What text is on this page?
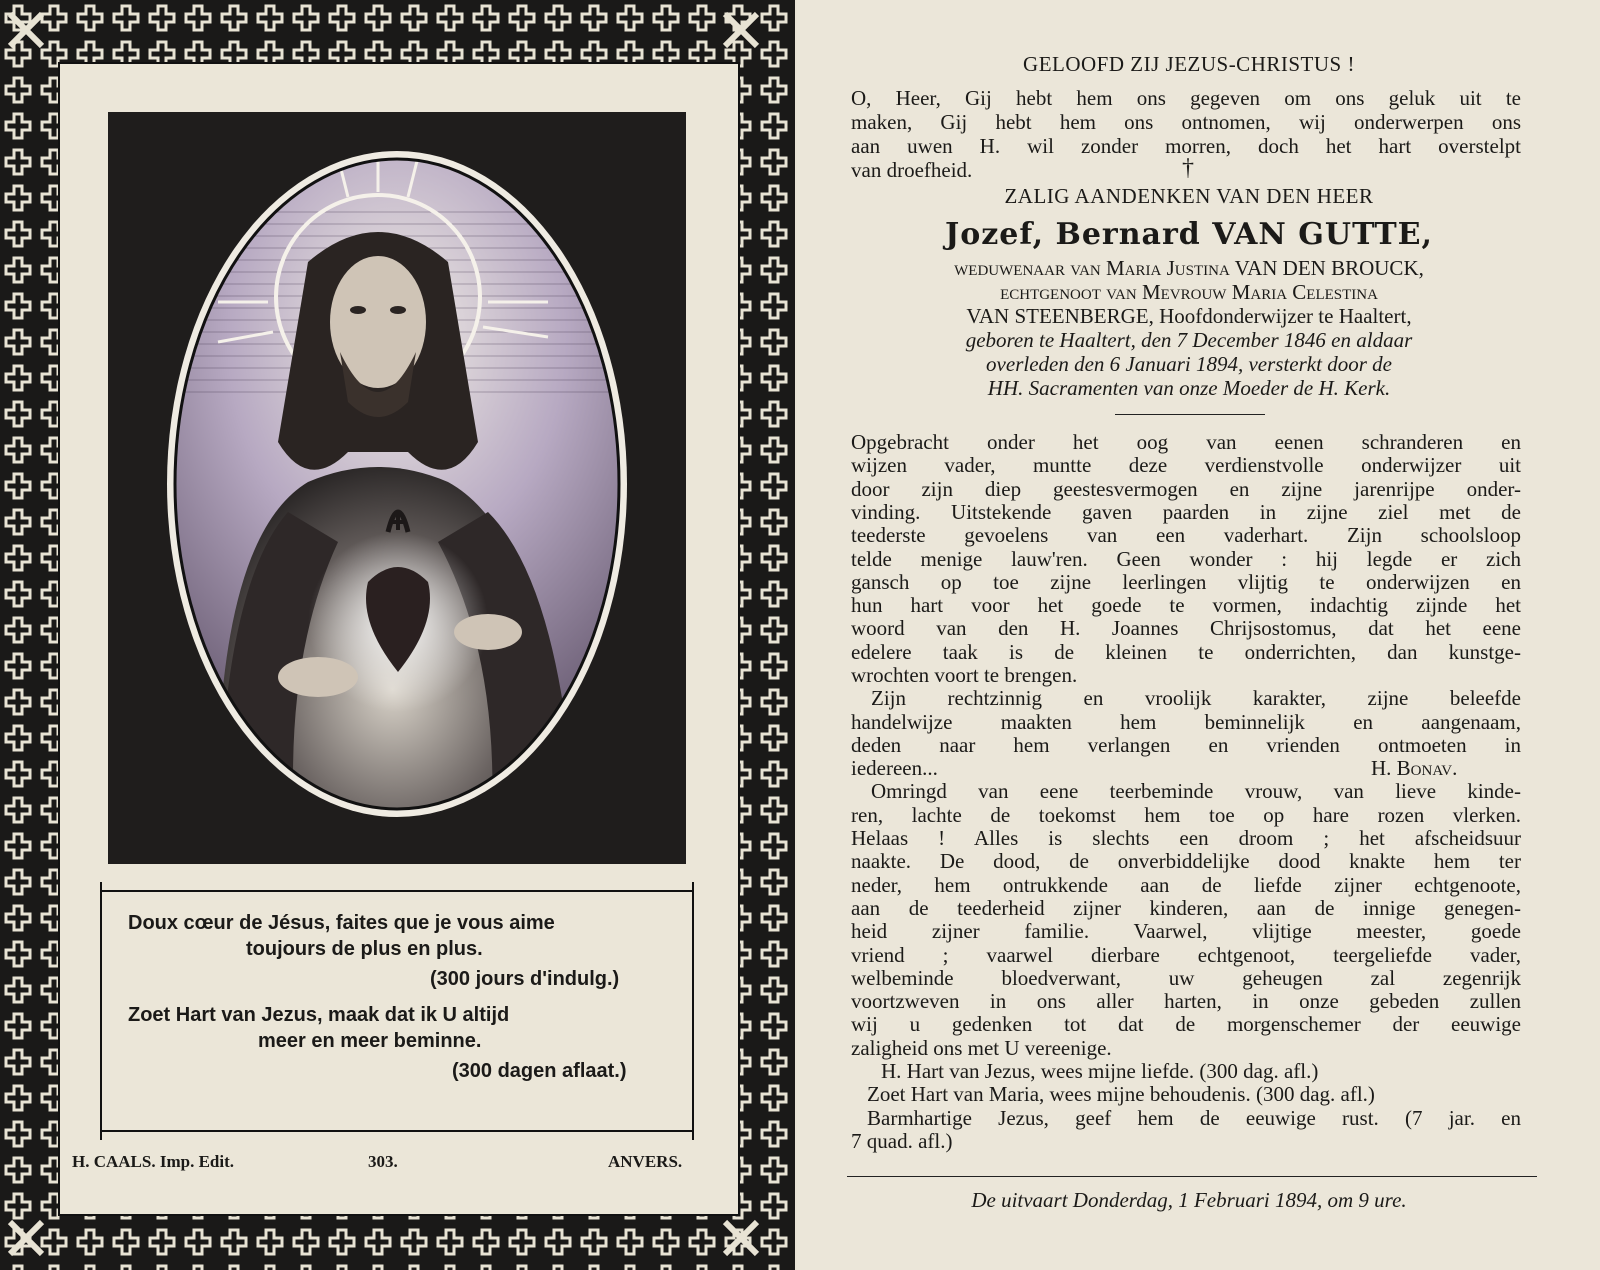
Doux cœur de Jésus, faites que je vous aime
toujours de plus en plus.
(300 jours d'indulg.)
Zoet Hart van Jezus, maak dat ik U altijd
meer en meer beminne.
(300 dagen aflaat.)
H. CAALS. Imp. Edit.	303.	ANVERS.
GELOOFD ZIJ JEZUS-CHRISTUS !
O, Heer, Gij hebt hem ons gegeven om ons geluk uit te
maken, Gij hebt hem ons ontnomen, wij onderwerpen ons
aan uwen H. wil zonder morren, doch het hart overstelpt
van droefheid.	†
ZALIG AANDENKEN VAN DEN HEER
Jozef, Bernard VAN GUTTE,
weduwenaar van Maria Justina VAN DEN BROUCK,
echtgenoot van Mevrouw Maria Celestina
VAN STEENBERGE, Hoofdonderwijzer te Haaltert,
geboren te Haaltert, den 7 December 1846 en aldaar
overleden den 6 Januari 1894, versterkt door de
HH. Sacramenten van onze Moeder de H. Kerk.
De uitvaart Donderdag, 1 Februari 1894, om 9 ure.
Opgebracht onder het oog van eenen schranderen en
wijzen vader, muntte deze verdienstvolle onderwijzer uit
door zijn diep geestesvermogen en zijne jarenrijpe onder-
vinding. Uitstekende gaven paarden in zijne ziel met de
teederste gevoelens van een vaderhart. Zijn schoolsloop
telde menige lauw'ren. Geen wonder : hij legde er zich
gansch op toe zijne leerlingen vlijtig te onderwijzen en
hun hart voor het goede te vormen, indachtig zijnde het
woord van den H. Joannes Chrijsostomus, dat het eene
edelere taak is de kleinen te onderrichten, dan kunstge-
wrochten voort te brengen.
Zijn rechtzinnig en vroolijk karakter, zijne beleefde
handelwijze maakten hem beminnelijk en aangenaam,
deden naar hem verlangen en vrienden ontmoeten in
iedereen...	H. Bonav.
Omringd van eene teerbeminde vrouw, van lieve kinde-
ren, lachte de toekomst hem toe op hare rozen vlerken.
Helaas ! Alles is slechts een droom ; het afscheidsuur
naakte. De dood, de onverbiddelijke dood knakte hem ter
neder, hem ontrukkende aan de liefde zijner echtgenoote,
aan de teederheid zijner kinderen, aan de innige genegen-
heid zijner familie. Vaarwel, vlijtige meester, goede
vriend ; vaarwel dierbare echtgenoot, teergeliefde vader,
welbeminde bloedverwant, uw geheugen zal zegenrijk
voortzweven in ons aller harten, in onze gebeden zullen
wij u gedenken tot dat de morgenschemer der eeuwige
zaligheid ons met U vereenige.
H. Hart van Jezus, wees mijne liefde. (300 dag. afl.)
Zoet Hart van Maria, wees mijne behoudenis. (300 dag. afl.)
Barmhartige Jezus, geef hem de eeuwige rust. (7 jar. en
7 quad. afl.)
